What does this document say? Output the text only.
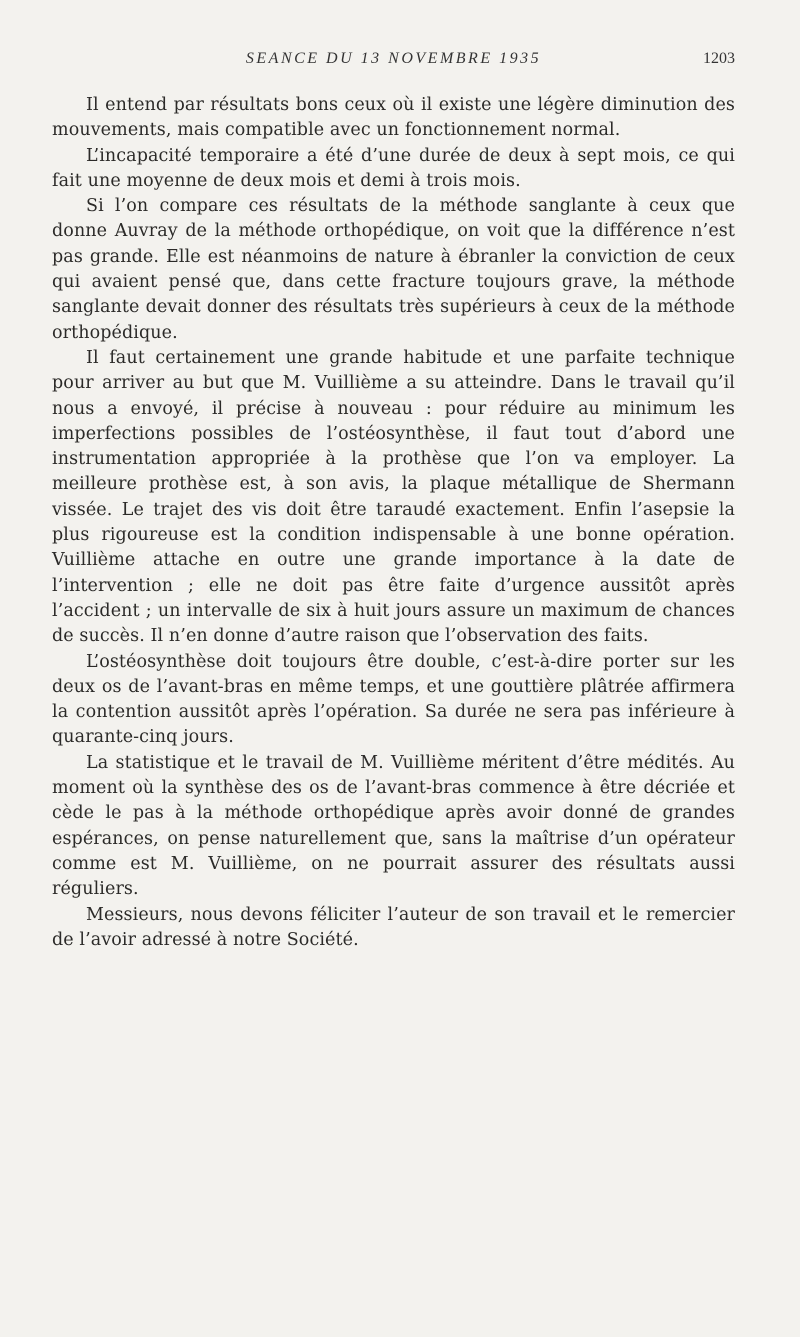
SEANCE DU 13 NOVEMBRE 1935	1203

Il entend par résultats bons ceux où il existe une légère diminution des mouvements, mais compatible avec un fonctionnement normal.

L’incapacité temporaire a été d’une durée de deux à sept mois, ce qui fait une moyenne de deux mois et demi à trois mois.

Si l’on compare ces résultats de la méthode sanglante à ceux que donne Auvray de la méthode orthopédique, on voit que la différence n’est pas grande. Elle est néanmoins de nature à ébranler la conviction de ceux qui avaient pensé que, dans cette fracture toujours grave, la méthode sanglante devait donner des résultats très supérieurs à ceux de la méthode orthopédique.

Il faut certainement une grande habitude et une parfaite technique pour arriver au but que M. Vuillième a su atteindre. Dans le travail qu’il nous a envoyé, il précise à nouveau : pour réduire au minimum les imperfections possibles de l’ostéosynthèse, il faut tout d’abord une instrumentation appropriée à la prothèse que l’on va employer. La meilleure prothèse est, à son avis, la plaque métallique de Shermann vissée. Le trajet des vis doit être taraudé exactement. Enfin l’asepsie la plus rigoureuse est la condition indispensable à une bonne opération. Vuillième attache en outre une grande importance à la date de l’intervention ; elle ne doit pas être faite d’urgence aussitôt après l’accident ; un intervalle de six à huit jours assure un maximum de chances de succès. Il n’en donne d’autre raison que l’observation des faits.

L’ostéosynthèse doit toujours être double, c’est-à-dire porter sur les deux os de l’avant-bras en même temps, et une gouttière plâtrée affirmera la contention aussitôt après l’opération. Sa durée ne sera pas inférieure à quarante-cinq jours.

La statistique et le travail de M. Vuillième méritent d’être médités. Au moment où la synthèse des os de l’avant-bras commence à être décriée et cède le pas à la méthode orthopédique après avoir donné de grandes espérances, on pense naturellement que, sans la maîtrise d’un opérateur comme est M. Vuillième, on ne pourrait assurer des résultats aussi réguliers.

Messieurs, nous devons féliciter l’auteur de son travail et le remercier de l’avoir adressé à notre Société.
